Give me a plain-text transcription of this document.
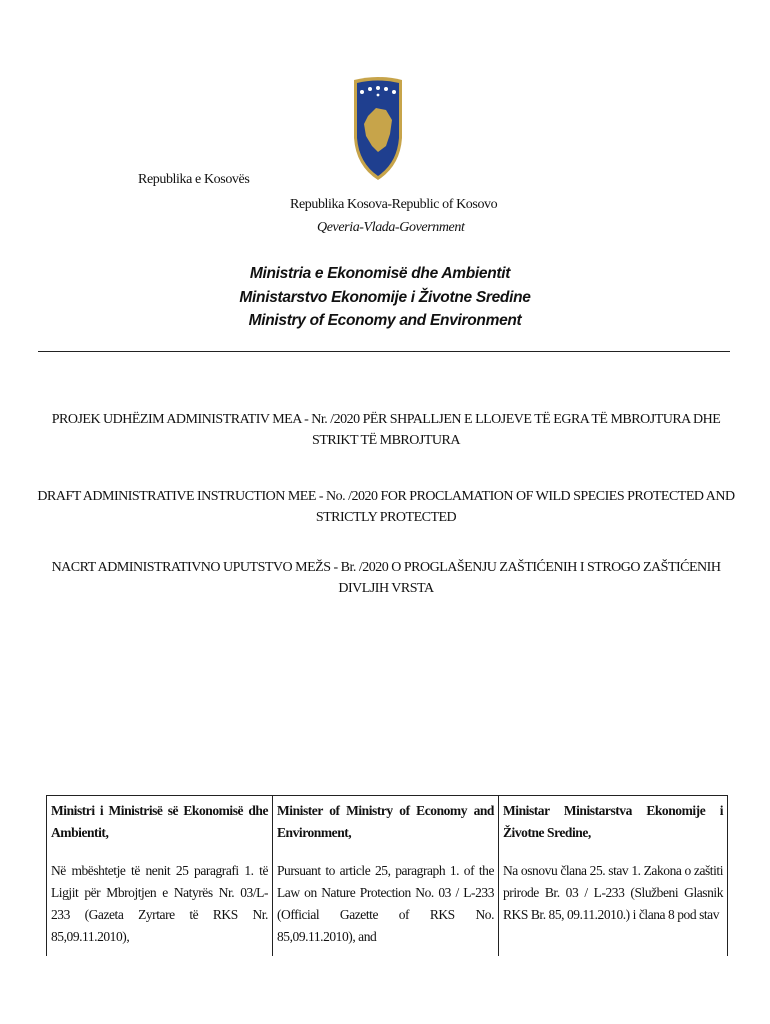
Republika e Kosovës
Republika Kosova-Republic of Kosovo
Qeveria-Vlada-Government
Ministria e Ekonomisë dhe Ambientit
Ministarstvo Ekonomije i Životne Sredine
Ministry of Economy and Environment
PROJEK UDHËZIM ADMINISTRATIV MEA - Nr. /2020 PËR SHPALLJEN E LLOJEVE TË EGRA TË MBROJTURA DHE STRIKT TË MBROJTURA
DRAFT ADMINISTRATIVE INSTRUCTION MEE - No. /2020 FOR PROCLAMATION OF WILD SPECIES PROTECTED AND STRICTLY PROTECTED
NACRT ADMINISTRATIVNO UPUTSTVO MEŽS - Br. /2020 O PROGLAŠENJU ZAŠTIĆENIH I STROGO ZAŠTIĆENIH DIVLJIH VRSTA
Ministri i Ministrisë së Ekonomisë dhe Ambientit,
Në mbështetje të nenit 25 paragrafi 1. të Ligjit për Mbrojtjen e Natyrës Nr. 03/L-233 (Gazeta Zyrtare të RKS Nr. 85,09.11.2010),
Minister of Ministry of Economy and Environment,
Pursuant to article 25, paragraph 1. of the Law on Nature Protection No. 03 / L-233 (Official Gazette of RKS No. 85,09.11.2010), and
Ministar Ministarstva Ekonomije i Životne Sredine,
Na osnovu člana 25. stav 1. Zakona o zaštiti prirode Br. 03 / L-233 (Službeni Glasnik RKS Br. 85, 09.11.2010.) i člana 8 pod stav
